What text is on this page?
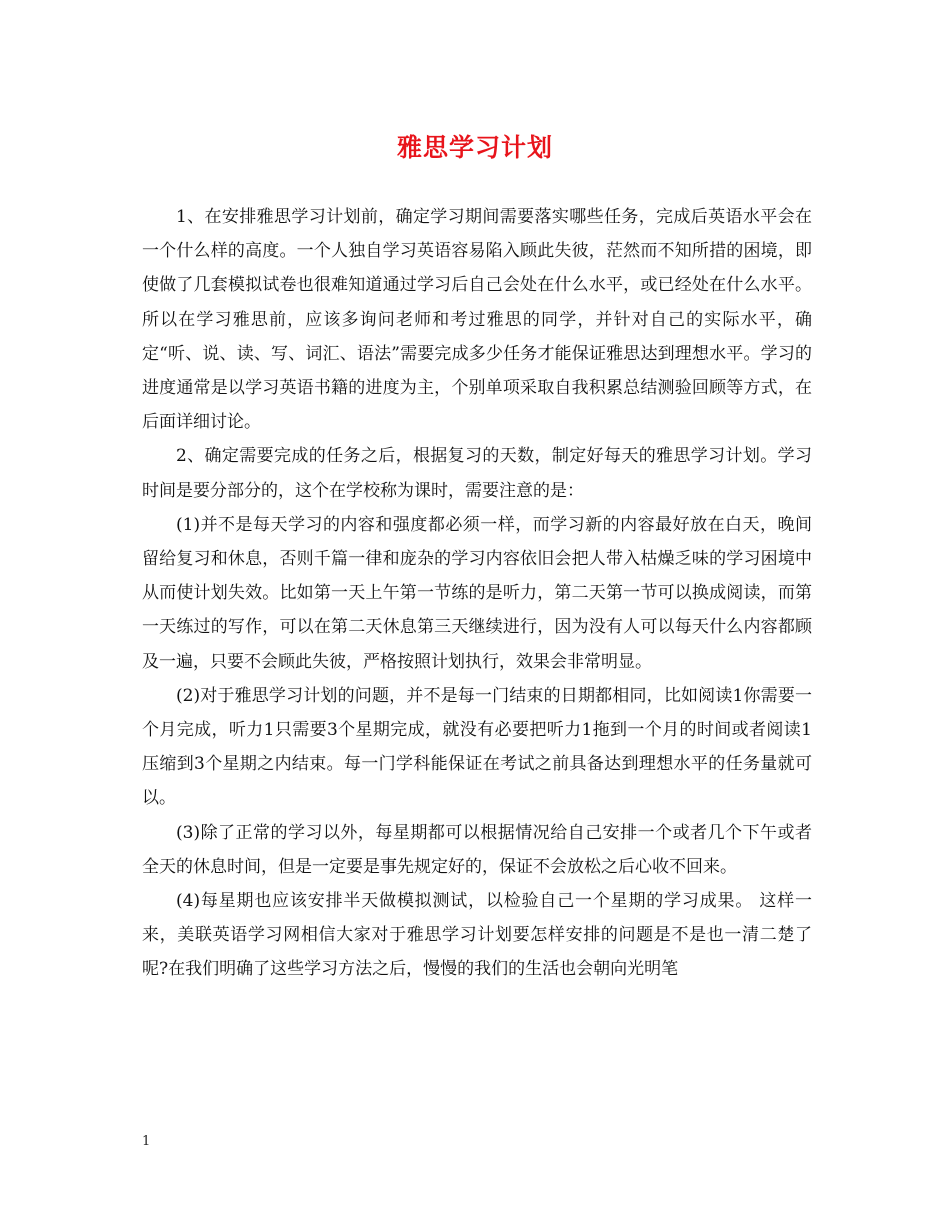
雅思学习计划

1、在安排雅思学习计划前，确定学习期间需要落实哪些任务，完成后英语水平会在一个什么样的高度。一个人独自学习英语容易陷入顾此失彼，茫然而不知所措的困境，即使做了几套模拟试卷也很难知道通过学习后自己会处在什么水平，或已经处在什么水平。所以在学习雅思前，应该多询问老师和考过雅思的同学，并针对自己的实际水平，确定“听、说、读、写、词汇、语法”需要完成多少任务才能保证雅思达到理想水平。学习的进度通常是以学习英语书籍的进度为主，个别单项采取自我积累总结测验回顾等方式，在后面详细讨论。

2、确定需要完成的任务之后，根据复习的天数，制定好每天的雅思学习计划。学习时间是要分部分的，这个在学校称为课时，需要注意的是：

(1)并不是每天学习的内容和强度都必须一样，而学习新的内容最好放在白天，晚间留给复习和休息，否则千篇一律和庞杂的学习内容依旧会把人带入枯燥乏味的学习困境中从而使计划失效。比如第一天上午第一节练的是听力，第二天第一节可以换成阅读，而第一天练过的写作，可以在第二天休息第三天继续进行，因为没有人可以每天什么内容都顾及一遍，只要不会顾此失彼，严格按照计划执行，效果会非常明显。

(2)对于雅思学习计划的问题，并不是每一门结束的日期都相同，比如阅读1你需要一个月完成，听力1只需要3个星期完成，就没有必要把听力1拖到一个月的时间或者阅读1压缩到3个星期之内结束。每一门学科能保证在考试之前具备达到理想水平的任务量就可以。

(3)除了正常的学习以外，每星期都可以根据情况给自己安排一个或者几个下午或者全天的休息时间，但是一定要是事先规定好的，保证不会放松之后心收不回来。

(4)每星期也应该安排半天做模拟测试，以检验自己一个星期的学习成果。 这样一来，美联英语学习网相信大家对于雅思学习计划要怎样安排的问题是不是也一清二楚了呢?在我们明确了这些学习方法之后，慢慢的我们的生活也会朝向光明笔

1
